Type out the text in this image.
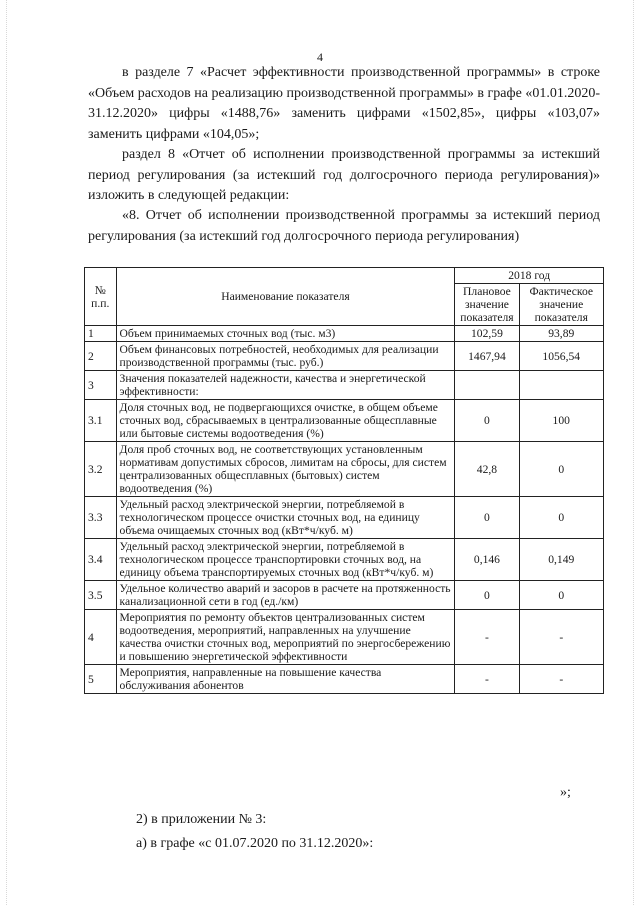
4
в разделе 7 «Расчет эффективности производственной программы» в строке «Объем расходов на реализацию производственной программы» в графе «01.01.2020-31.12.2020» цифры «1488,76» заменить цифрами «1502,85», цифры «103,07» заменить цифрами «104,05»;
раздел 8 «Отчет об исполнении производственной программы за истекший период регулирования (за истекший год долгосрочного периода регулирования)» изложить в следующей редакции:
«8. Отчет об исполнении производственной программы за истекший период регулирования (за истекший год долгосрочного периода регулирования)
№ п.п.	Наименование показателя	2018 год	
		Плановое значение показателя	Фактическое значение показателя
1	Объем принимаемых сточных вод (тыс. м3)	102,59	93,89
2	Объем финансовых потребностей, необходимых для реализации производственной программы (тыс. руб.)	1467,94	1056,54
3	Значения показателей надежности, качества и энергетической эффективности:		
3.1	Доля сточных вод, не подвергающихся очистке, в общем объеме сточных вод, сбрасываемых в централизованные общесплавные или бытовые системы водоотведения (%)	0	100
3.2	Доля проб сточных вод, не соответствующих установленным нормативам допустимых сбросов, лимитам на сбросы, для систем централизованных общесплавных (бытовых) систем водоотведения (%)	42,8	0
3.3	Удельный расход электрической энергии, потребляемой в технологическом процессе очистки сточных вод, на единицу объема очищаемых сточных вод (кВт*ч/куб. м)	0	0
3.4	Удельный расход электрической энергии, потребляемой в технологическом процессе транспортировки сточных вод, на единицу объема транспортируемых сточных вод (кВт*ч/куб. м)	0,146	0,149
3.5	Удельное количество аварий и засоров в расчете на протяженность канализационной сети в год (ед./км)	0	0
4	Мероприятия по ремонту объектов централизованных систем водоотведения, мероприятий, направленных на улучшение качества очистки сточных вод, мероприятий по энергосбережению и повышению энергетической эффективности	-	-
5	Мероприятия, направленные на повышение качества обслуживания абонентов	-	-
»;
2) в приложении № 3:
а) в графе «с 01.07.2020 по 31.12.2020»:
